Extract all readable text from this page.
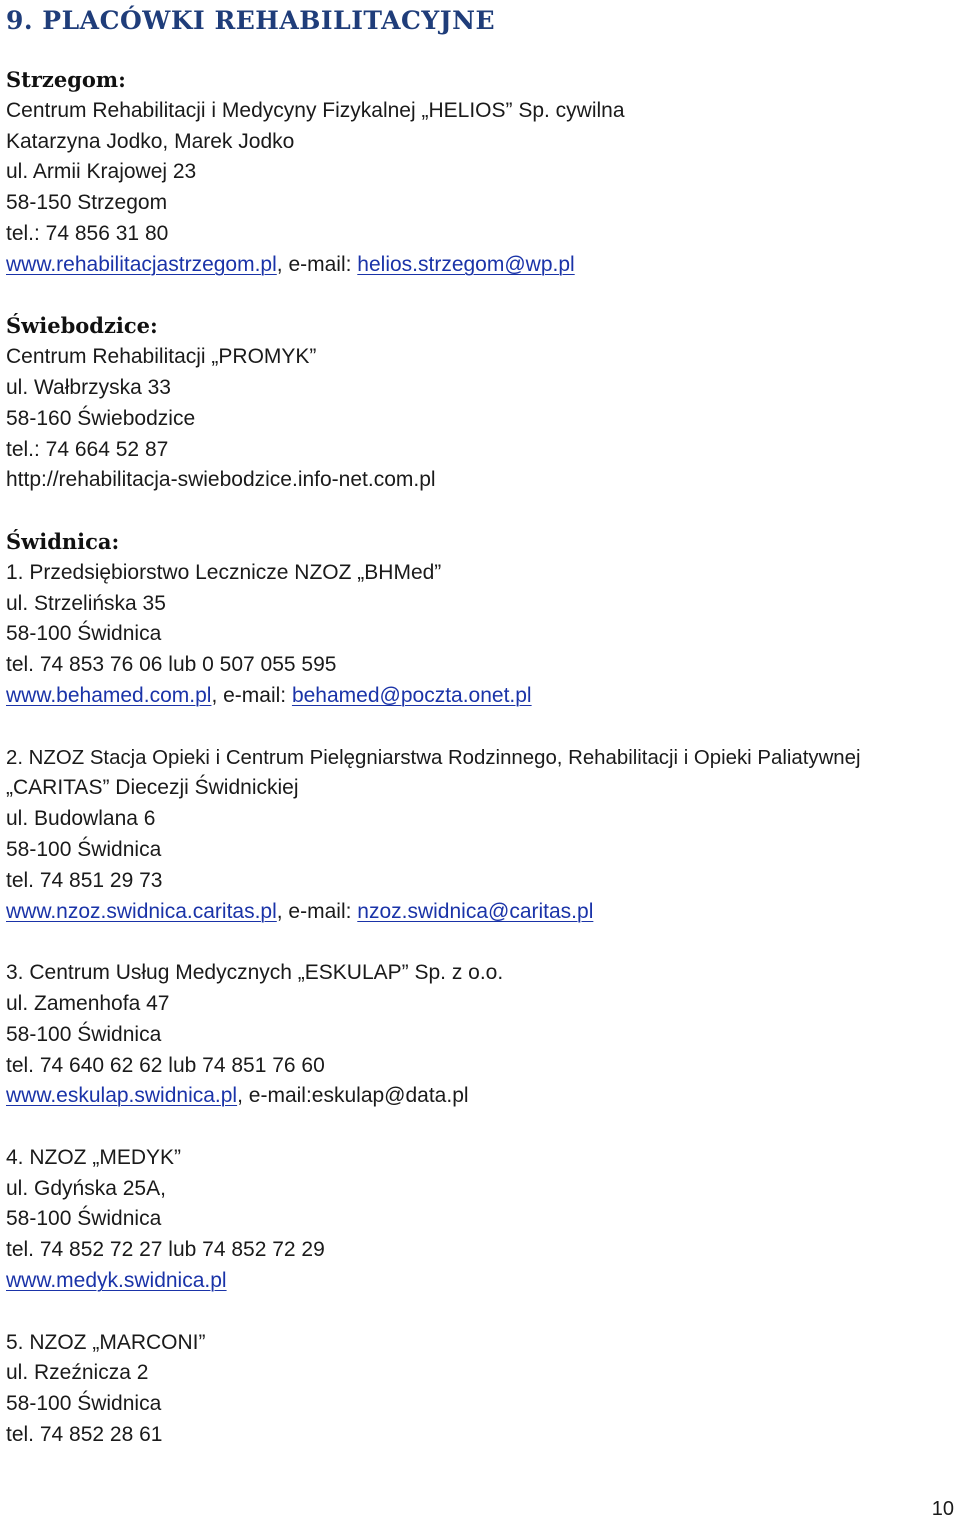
9. PLACÓWKI REHABILITACYJNE
Strzegom:
Centrum Rehabilitacji i Medycyny Fizykalnej „HELIOS” Sp. cywilna
Katarzyna Jodko, Marek Jodko
ul. Armii Krajowej 23
58-150 Strzegom
tel.: 74 856 31 80
www.rehabilitacjastrzegom.pl, e-mail: helios.strzegom@wp.pl
Świebodzice:
Centrum Rehabilitacji „PROMYK”
ul. Wałbrzyska 33
58-160 Świebodzice
tel.: 74 664 52 87
http://rehabilitacja-swiebodzice.info-net.com.pl
Świdnica:
1. Przedsiębiorstwo Lecznicze NZOZ „BHMed”
ul. Strzelińska 35
58-100 Świdnica
tel. 74 853 76 06 lub 0 507 055 595
www.behamed.com.pl, e-mail: behamed@poczta.onet.pl
2. NZOZ Stacja Opieki i Centrum Pielęgniarstwa Rodzinnego, Rehabilitacji i Opieki Paliatywnej
„CARITAS” Diecezji Świdnickiej
ul. Budowlana 6
58-100 Świdnica
tel. 74 851 29 73
www.nzoz.swidnica.caritas.pl, e-mail: nzoz.swidnica@caritas.pl
3. Centrum Usług Medycznych „ESKULAP” Sp. z o.o.
ul. Zamenhofa 47
58-100 Świdnica
tel. 74 640 62 62 lub 74 851 76 60
www.eskulap.swidnica.pl, e-mail:eskulap@data.pl
4. NZOZ „MEDYK”
ul. Gdyńska 25A,
58-100 Świdnica
tel. 74 852 72 27 lub 74 852 72 29
www.medyk.swidnica.pl
5. NZOZ „MARCONI”
ul. Rzeźnicza 2
58-100 Świdnica
tel. 74 852 28 61
10
